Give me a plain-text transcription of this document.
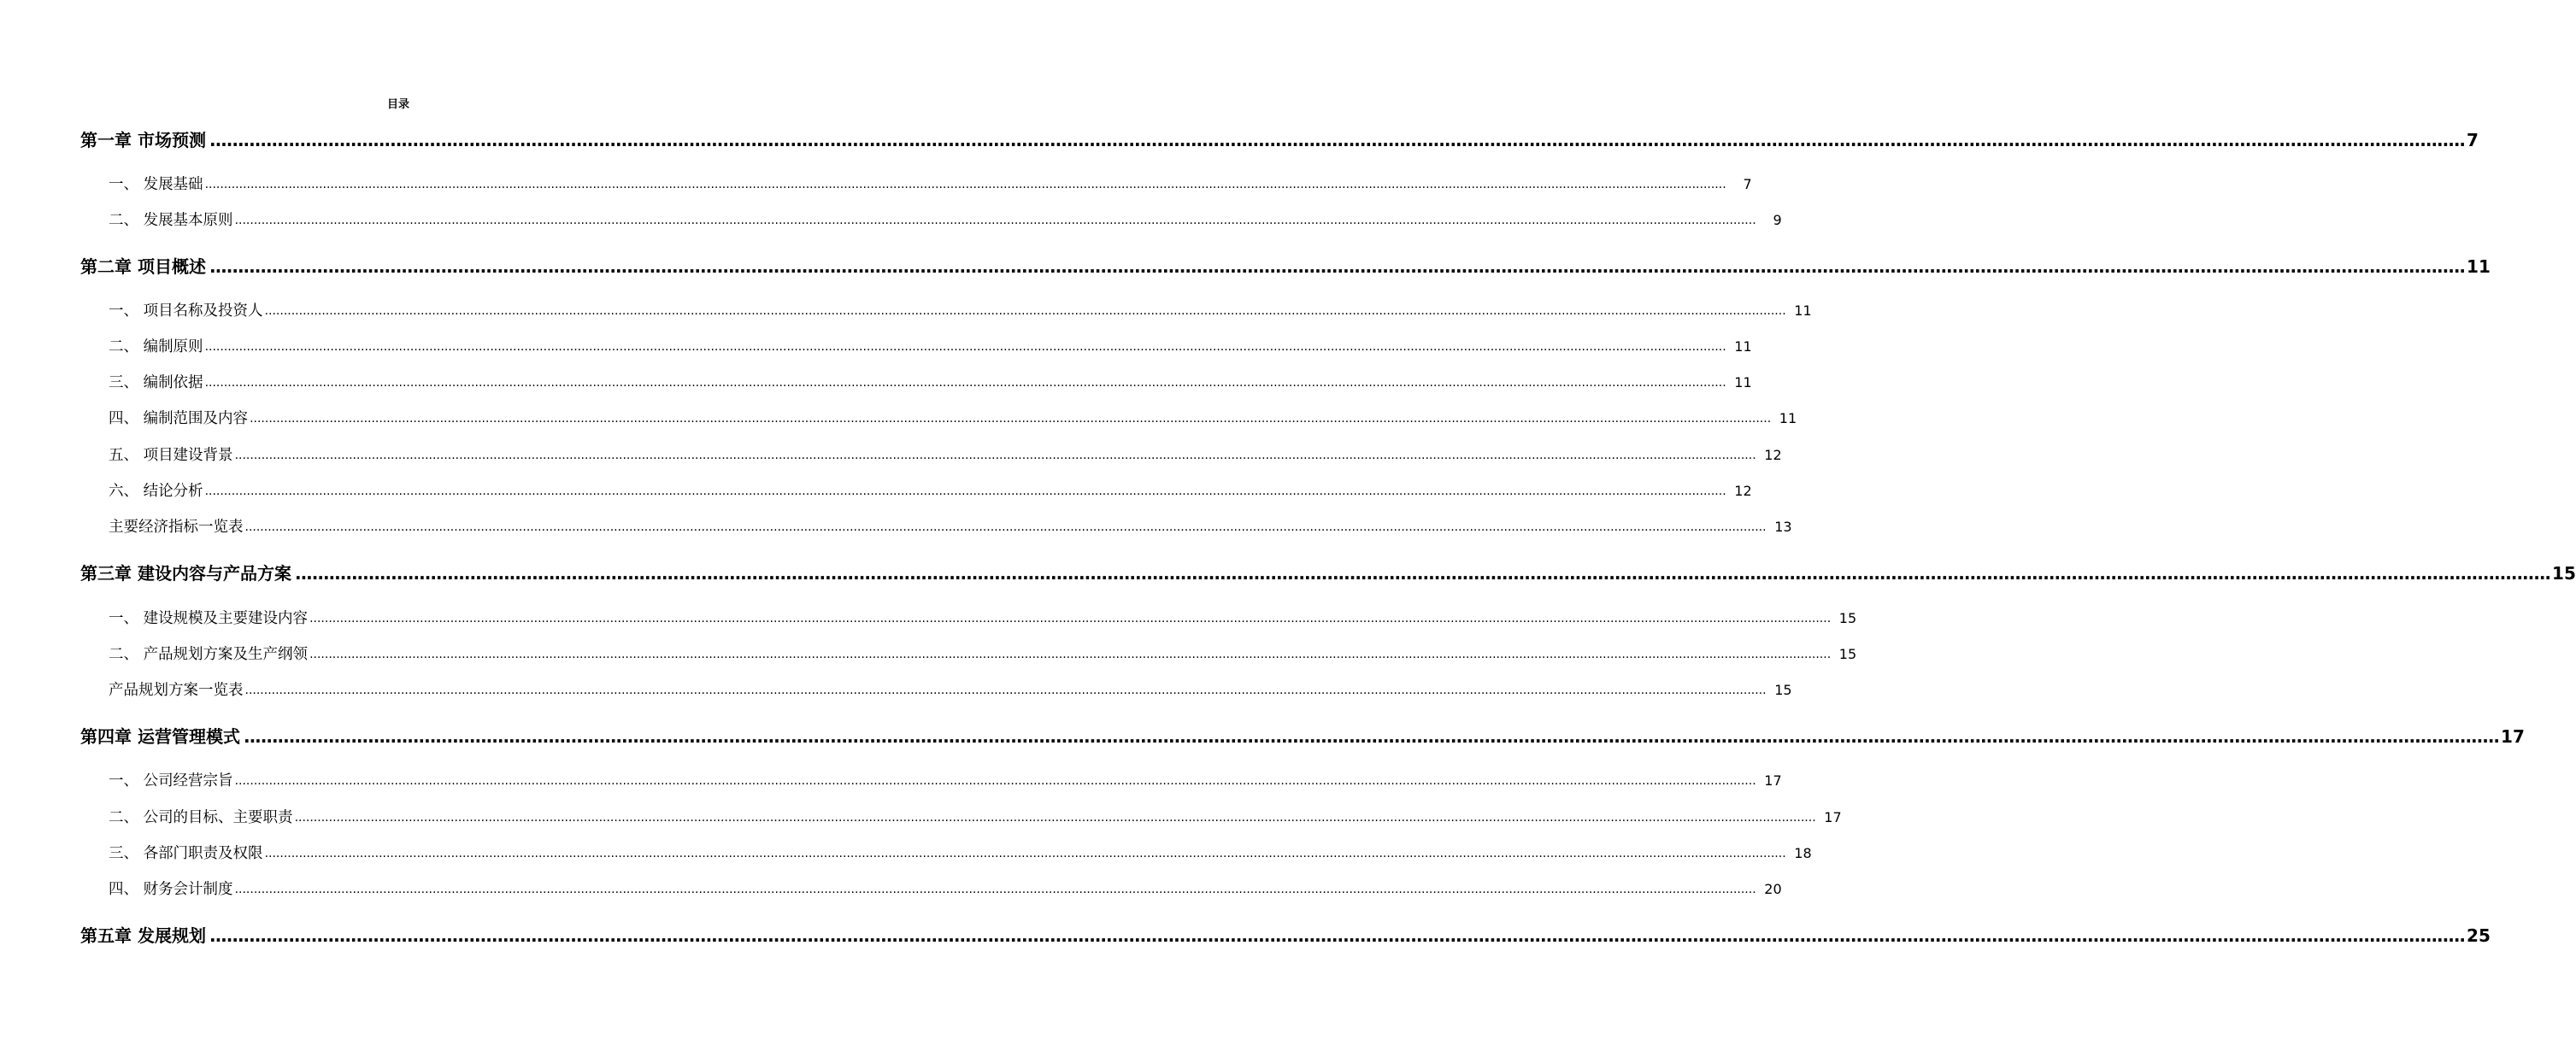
目录
第一章 市场预测 ................................................................................................................................................................................................................................................................................................................................................................................................................ 7
一、 发展基础 ................................................................................................................................................................................................................................................................................................................................................................................................................	7
二、 发展基本原则 ................................................................................................................................................................................................................................................................................................................................................................................................................	9
第二章 项目概述 ................................................................................................................................................................................................................................................................................................................................................................................................................ 11
一、 项目名称及投资人 ................................................................................................................................................................................................................................................................................................................................................................................................................ 11
二、 编制原则 ................................................................................................................................................................................................................................................................................................................................................................................................................ 11
三、 编制依据 ................................................................................................................................................................................................................................................................................................................................................................................................................ 11
四、 编制范围及内容 ................................................................................................................................................................................................................................................................................................................................................................................................................ 11
五、 项目建设背景 ................................................................................................................................................................................................................................................................................................................................................................................................................ 12
六、 结论分析 ................................................................................................................................................................................................................................................................................................................................................................................................................ 12
主要经济指标一览表 ................................................................................................................................................................................................................................................................................................................................................................................................................ 13
第三章 建设内容与产品方案 ................................................................................................................................................................................................................................................................................................................................................................................................................ 15
一、 建设规模及主要建设内容 ................................................................................................................................................................................................................................................................................................................................................................................................................ 15
二、 产品规划方案及生产纲领 ................................................................................................................................................................................................................................................................................................................................................................................................................ 15
产品规划方案一览表 ................................................................................................................................................................................................................................................................................................................................................................................................................ 15
第四章 运营管理模式 ................................................................................................................................................................................................................................................................................................................................................................................................................ 17
一、 公司经营宗旨 ................................................................................................................................................................................................................................................................................................................................................................................................................ 17
二、 公司的目标、主要职责 ................................................................................................................................................................................................................................................................................................................................................................................................................ 17
三、 各部门职责及权限 ................................................................................................................................................................................................................................................................................................................................................................................................................ 18
四、 财务会计制度 ................................................................................................................................................................................................................................................................................................................................................................................................................ 20
第五章 发展规划 ................................................................................................................................................................................................................................................................................................................................................................................................................ 25
